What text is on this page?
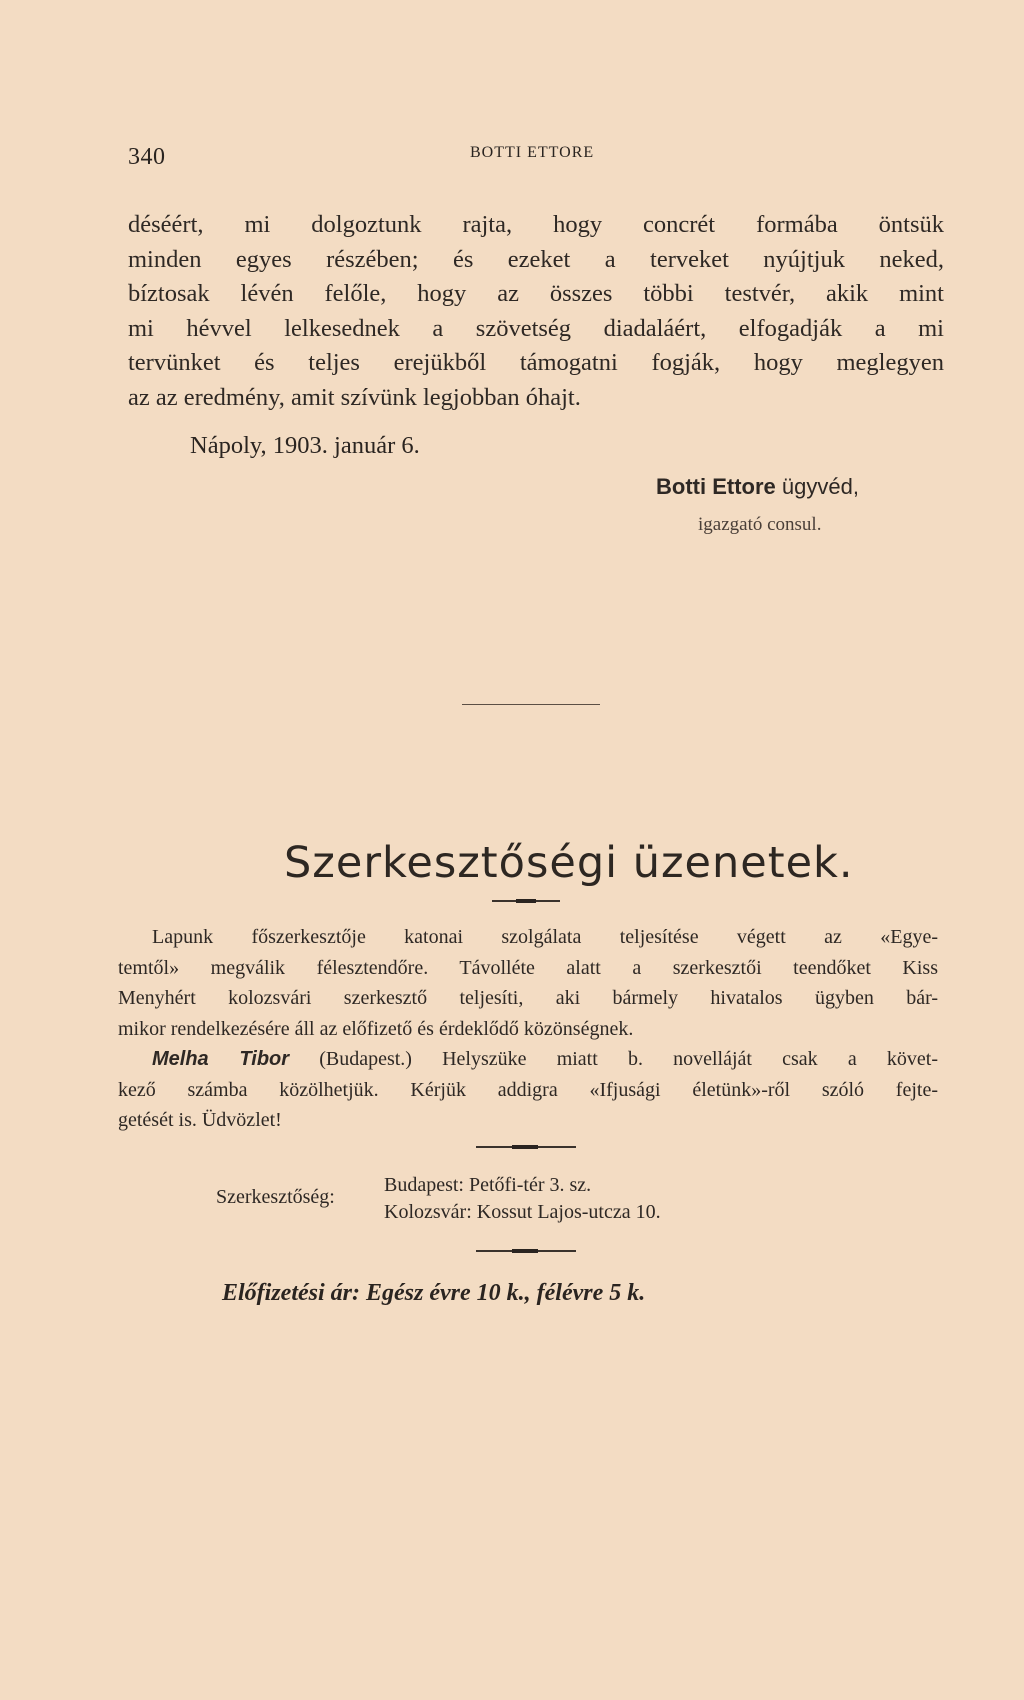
340	BOTTI ETTORE
déséért, mi dolgoztunk rajta, hogy concrét formába öntsük
minden egyes részében; és ezeket a terveket nyújtjuk neked,
bíztosak lévén felőle, hogy az összes többi testvér, akik mint
mi hévvel lelkesednek a szövetség diadaláért, elfogadják a mi
tervünket és teljes erejükből támogatni fogják, hogy meglegyen
az az eredmény, amit szívünk legjobban óhajt.
Nápoly, 1903. január 6.
Botti Ettore ügyvéd,
igazgató consul.
Szerkesztőségi üzenetek.
Lapunk főszerkesztője katonai szolgálata teljesítése végett az «Egye-
temtől» megválik félesztendőre. Távolléte alatt a szerkesztői teendőket Kiss
Menyhért kolozsvári szerkesztő teljesíti, aki bármely hivatalos ügyben bár-
mikor rendelkezésére áll az előfizető és érdeklődő közönségnek.
Melha Tibor (Budapest.) Helyszüke miatt b. novelláját csak a követ-
kező számba közölhetjük. Kérjük addigra «Ifjusági életünk»-ről szóló fejte-
getését is. Üdvözlet!
Szerkesztőség:
Budapest: Petőfi-tér 3. sz.
Kolozsvár: Kossut Lajos-utcza 10.
Előfizetési ár: Egész évre 10 k., félévre 5 k.
